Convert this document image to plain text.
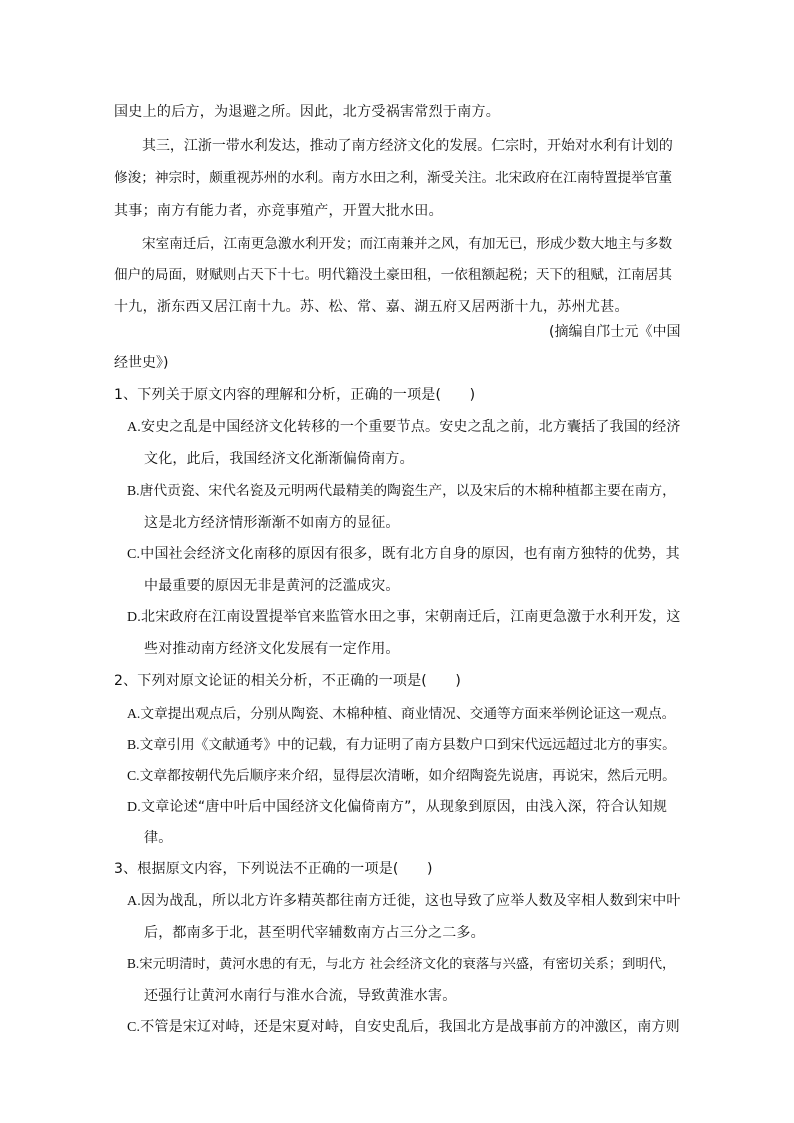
国史上的后方，为退避之所。因此，北方受祸害常烈于南方。
其三，江浙一带水利发达，推动了南方经济文化的发展。仁宗时，开始对水利有计划的
修浚；神宗时，颇重视苏州的水利。南方水田之利，渐受关注。北宋政府在江南特置提举官董
其事；南方有能力者，亦竞事殖产，开置大批水田。
宋室南迁后，江南更急激水利开发；而江南兼并之风，有加无已，形成少数大地主与多数
佃户的局面，财赋则占天下十七。明代籍没土豪田租，一依租额起税；天下的租赋，江南居其
十九，浙东西又居江南十九。苏、松、常、嘉、湖五府又居两浙十九，苏州尤甚。
(摘编自邝士元《中国
经世史》)
1、下列关于原文内容的理解和分析，正确的一项是(　　)
A.安史之乱是中国经济文化转移的一个重要节点。安史之乱之前，北方囊括了我国的经济
文化，此后，我国经济文化渐渐偏倚南方。
B.唐代贡瓷、宋代名瓷及元明两代最精美的陶瓷生产，以及宋后的木棉种植都主要在南方，
这是北方经济情形渐渐不如南方的显征。
C.中国社会经济文化南移的原因有很多，既有北方自身的原因，也有南方独特的优势，其
中最重要的原因无非是黄河的泛滥成灾。
D.北宋政府在江南设置提举官来监管水田之事，宋朝南迁后，江南更急激于水利开发，这
些对推动南方经济文化发展有一定作用。
2、下列对原文论证的相关分析，不正确的一项是(　　)
A.文章提出观点后，分别从陶瓷、木棉种植、商业情况、交通等方面来举例论证这一观点。
B.文章引用《文献通考》中的记载，有力证明了南方县数户口到宋代远远超过北方的事实。
C.文章都按朝代先后顺序来介绍，显得层次清晰，如介绍陶瓷先说唐，再说宋，然后元明。
D.文章论述“唐中叶后中国经济文化偏倚南方”，从现象到原因，由浅入深，符合认知规
律。
3、根据原文内容，下列说法不正确的一项是(　　)
A.因为战乱，所以北方许多精英都往南方迁徙，这也导致了应举人数及宰相人数到宋中叶
后，都南多于北，甚至明代宰辅数南方占三分之二多。
B.宋元明清时，黄河水患的有无，与北方 社会经济文化的衰落与兴盛，有密切关系；到明代，
还强行让黄河水南行与淮水合流，导致黄淮水害。
C.不管是宋辽对峙，还是宋夏对峙，自安史乱后，我国北方是战事前方的冲激区，南方则
